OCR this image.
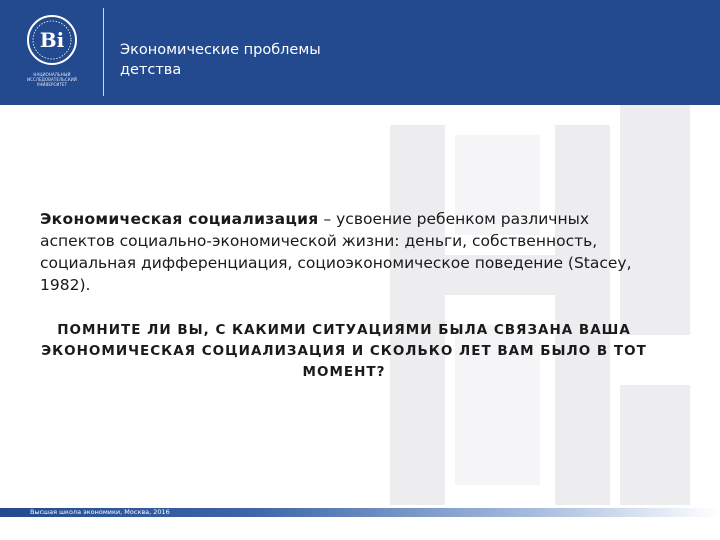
Ві
НАЦИОНАЛЬНЫЙ ИССЛЕДОВАТЕЛЬСКИЙ УНИВЕРСИТЕТ
Экономические проблемы
детства
Экономическая социализация – усвоение ребенком различных аспектов социально-экономической жизни: деньги, собственность, социальная дифференциация, социоэкономическое поведение (Stacey, 1982).
ПОМНИТЕ ЛИ ВЫ, С КАКИМИ СИТУАЦИЯМИ БЫЛА СВЯЗАНА ВАША ЭКОНОМИЧЕСКАЯ СОЦИАЛИЗАЦИЯ И СКОЛЬКО ЛЕТ ВАМ БЫЛО В ТОТ МОМЕНТ?
Высшая школа экономики, Москва, 2016
